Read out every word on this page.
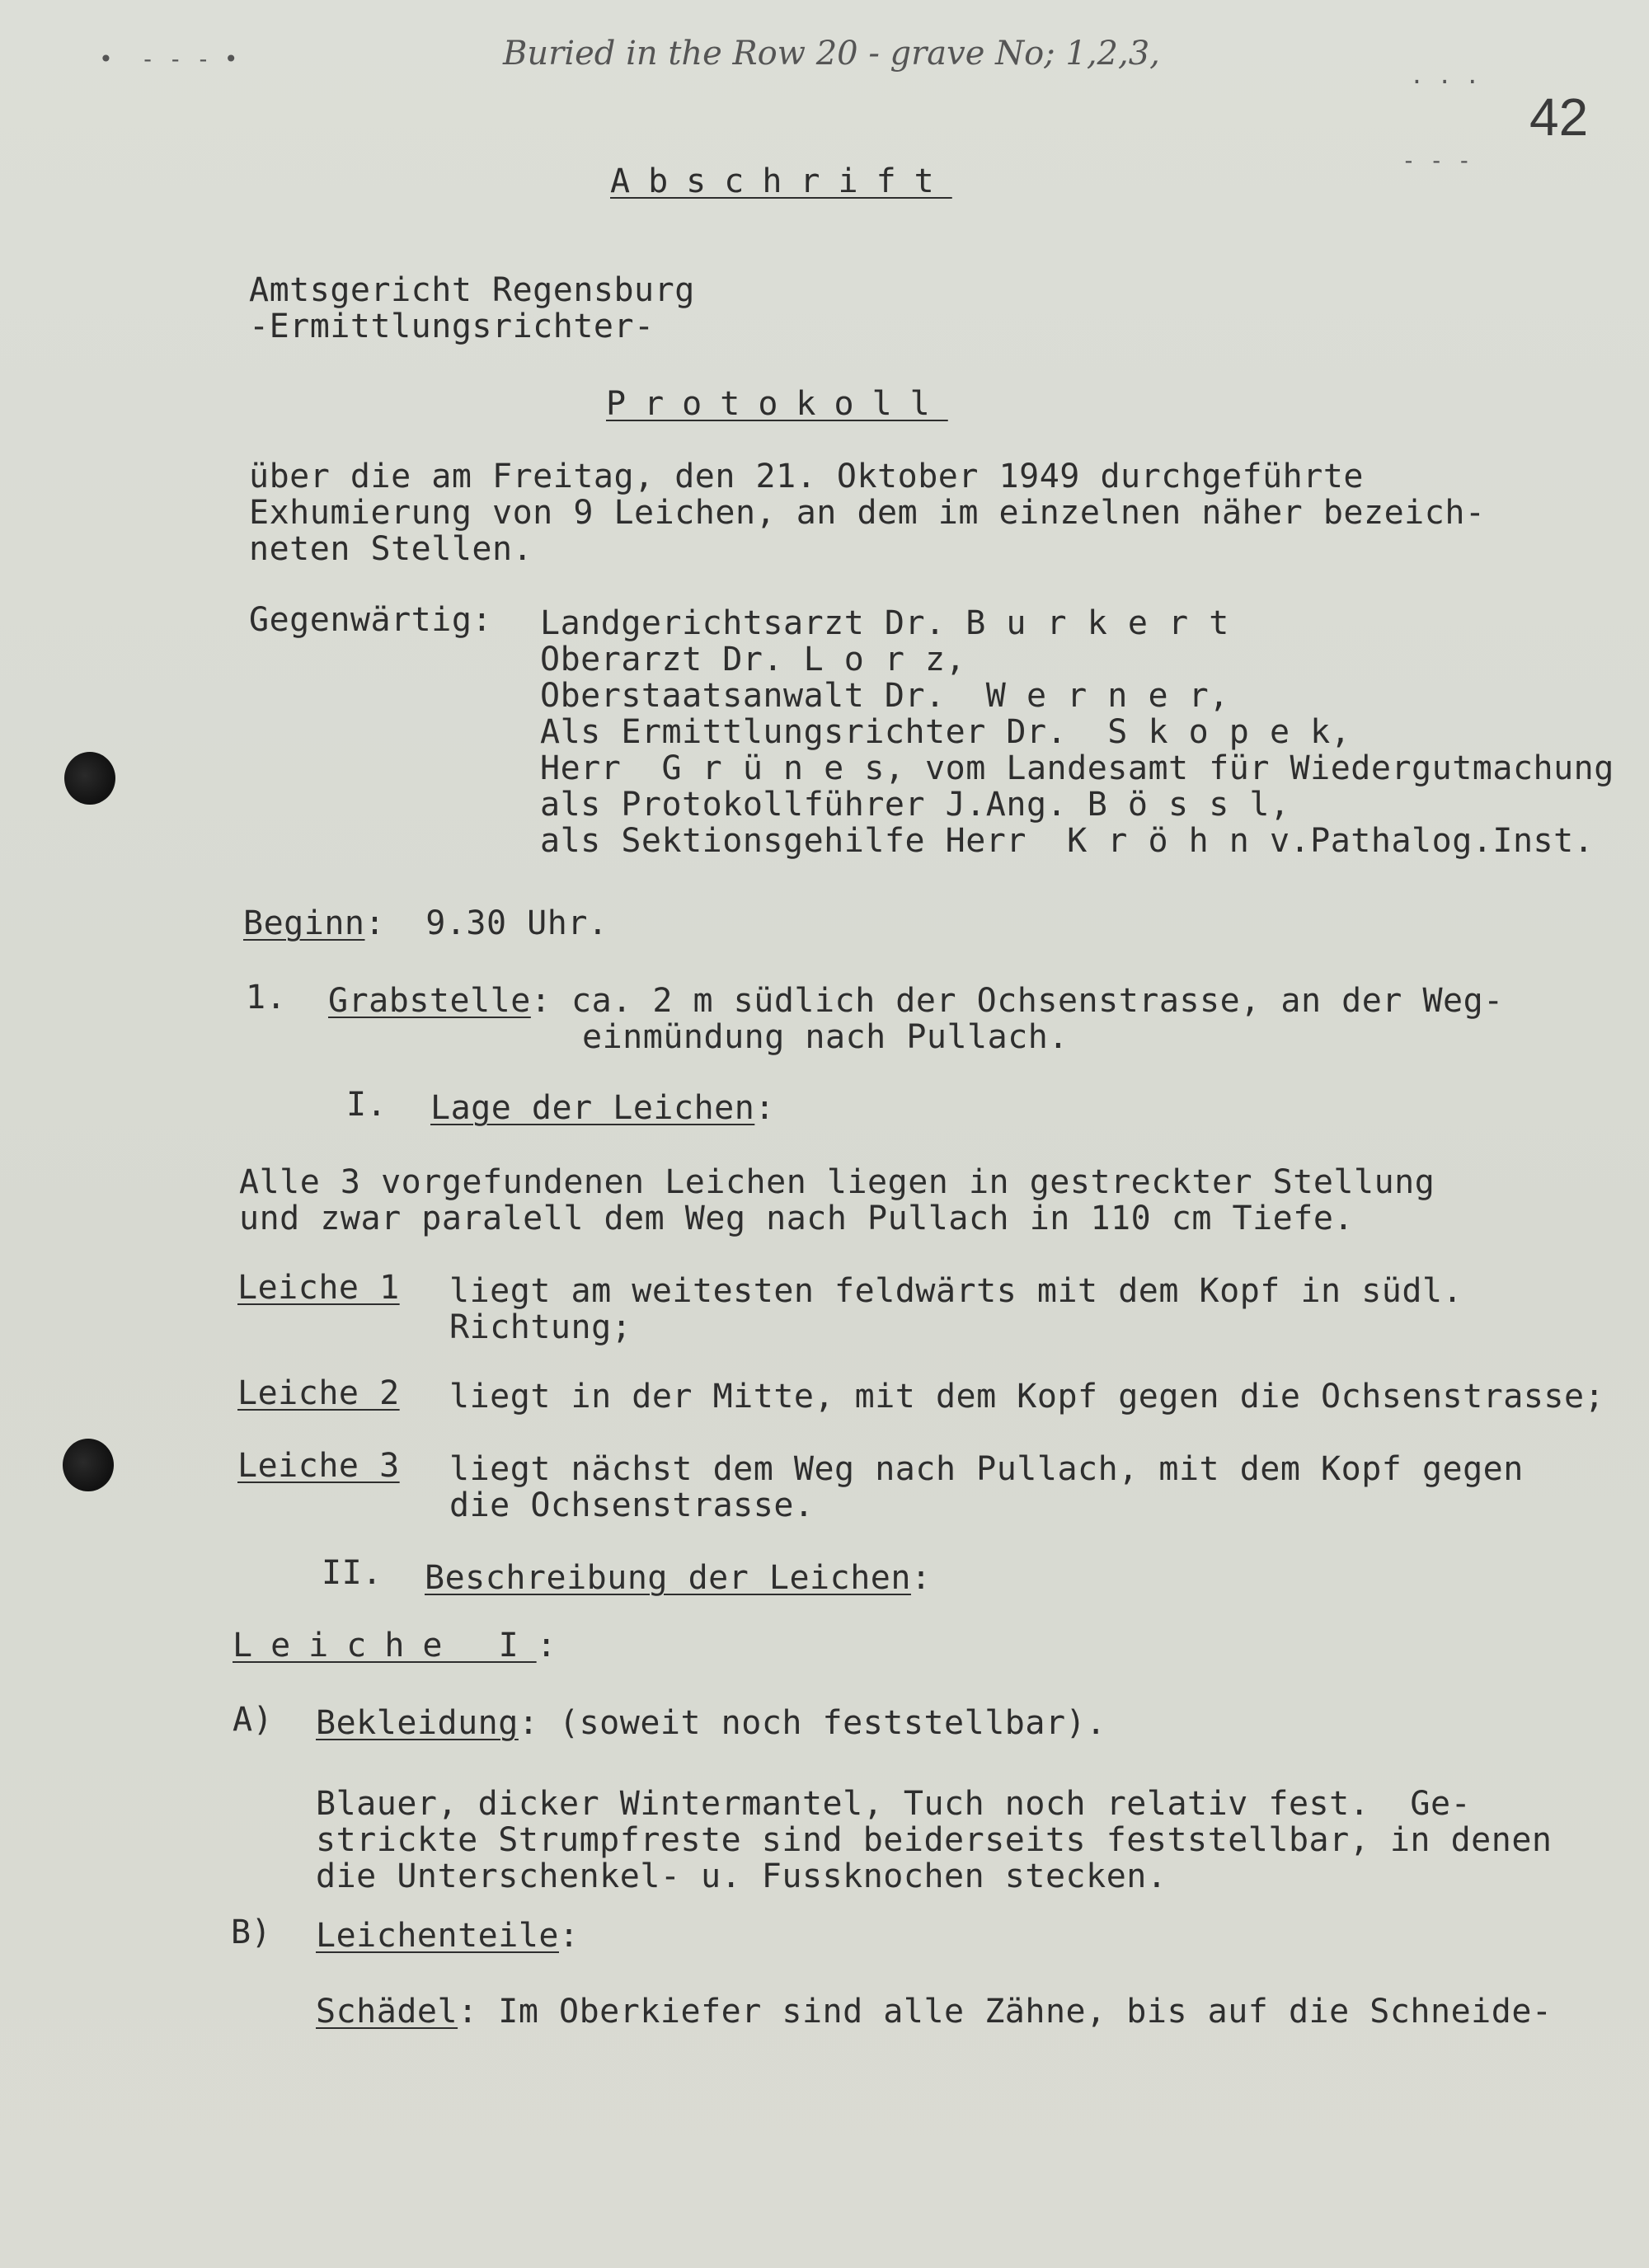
•  - - - •
. . .
- - -
Buried in the Row 20 - grave No; 1,2,3,
42
Abschrift
Amtsgericht Regensburg
-Ermittlungsrichter-
Protokoll
über die am Freitag, den 21. Oktober 1949 durchgeführte
Exhumierung von 9 Leichen, an dem im einzelnen näher bezeich-
neten Stellen.
Gegenwärtig: Landgerichtsarzt Dr. B u r k e r t
Oberarzt Dr. L o r z,
Oberstaatsanwalt Dr.  W e r n e r,
Als Ermittlungsrichter Dr.  S k o p e k,
Herr  G r ü n e s, vom Landesamt für Wiedergutmachung
als Protokollführer J.Ang. B ö s s l,
als Sektionsgehilfe Herr  K r ö h n v.Pathalog.Inst.
Beginn:  9.30 Uhr.
1. Grabstelle: ca. 2 m südlich der Ochsenstrasse, an der Weg-
einmündung nach Pullach.
I. Lage der Leichen:
Alle 3 vorgefundenen Leichen liegen in gestreckter Stellung
und zwar paralell dem Weg nach Pullach in 110 cm Tiefe.
Leiche 1 liegt am weitesten feldwärts mit dem Kopf in südl.
Richtung;
Leiche 2 liegt in der Mitte, mit dem Kopf gegen die Ochsenstrasse;
Leiche 3 liegt nächst dem Weg nach Pullach, mit dem Kopf gegen
die Ochsenstrasse.
II. Beschreibung der Leichen:
Leiche I:
A) Bekleidung: (soweit noch feststellbar).
Blauer, dicker Wintermantel, Tuch noch relativ fest.  Ge-
strickte Strumpfreste sind beiderseits feststellbar, in denen
die Unterschenkel- u. Fussknochen stecken.
B) Leichenteile:
Schädel: Im Oberkiefer sind alle Zähne, bis auf die Schneide-
